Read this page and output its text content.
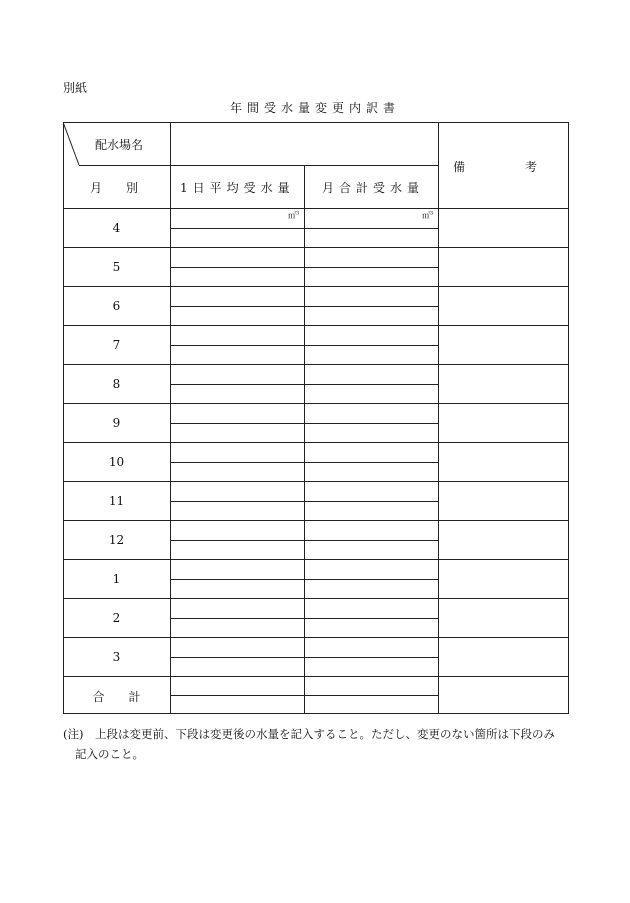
別紙
年間受水量変更内訳書
配水場名
月　　別	1日平均受水量 月合計受水量
備　　　　　考
㎥$^3$	㎥$^3$
4
5
6
7
8
9
10
11
12
1
2
3
合　　計
(注)　 上段は変更前、下段は変更後の水量を記入すること。ただし、変更のない箇所は下段のみ
記入のこと。
